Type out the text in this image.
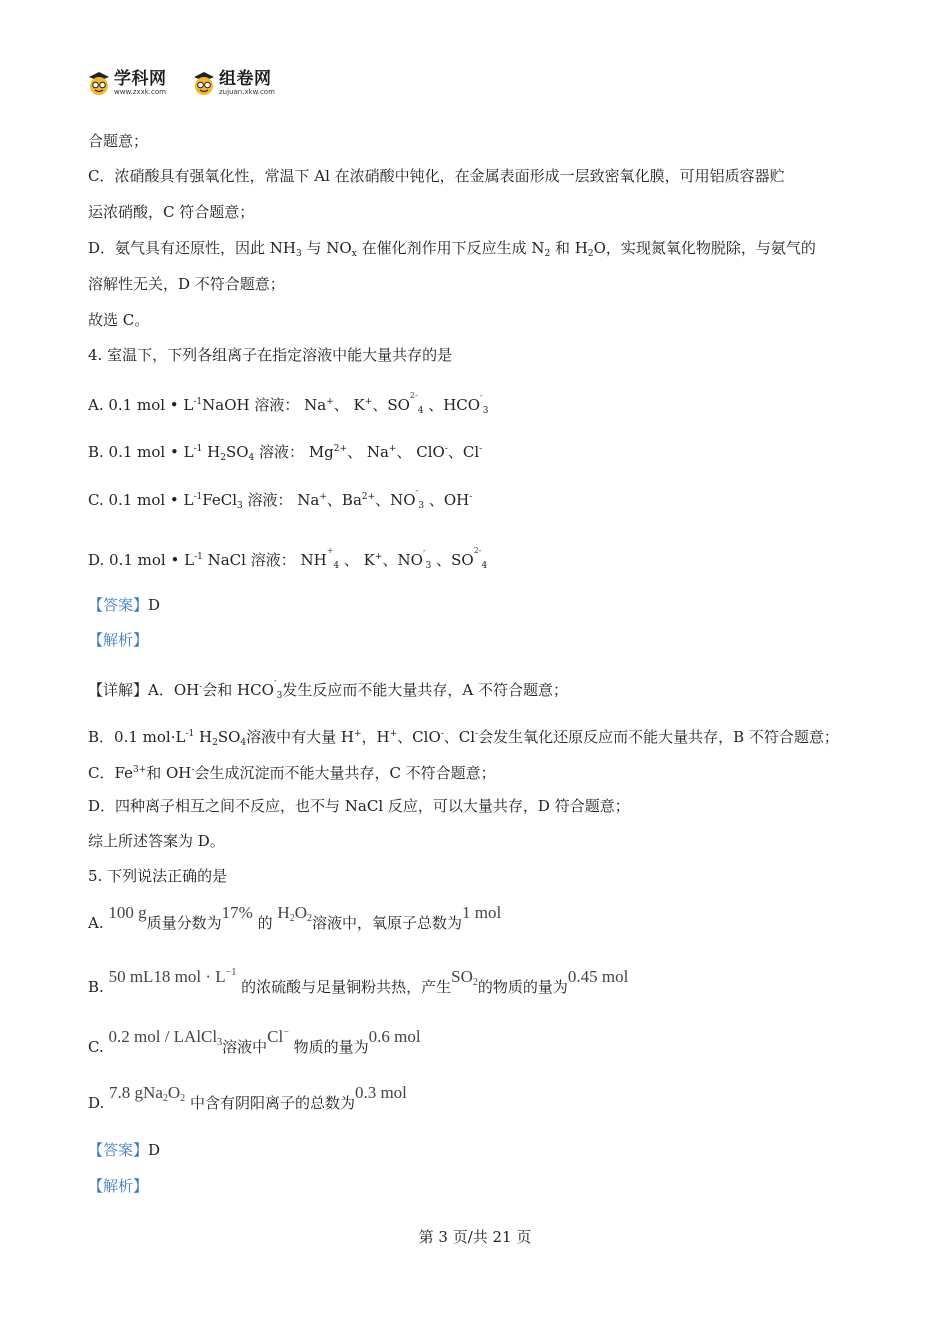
学科网
www.zxxk.com
组卷网
zujuan.xkw.com
合题意；
C．浓硝酸具有强氧化性，常温下 Al 在浓硝酸中钝化，在金属表面形成一层致密氧化膜，可用铝质容器贮
运浓硝酸，C 符合题意；
D．氨气具有还原性，因此 $NH_3$ 与 $NO_x$ 在催化剂作用下反应生成 $N_2$ 和 $H_2O$，实现氮氧化物脱除，与氨气的
溶解性无关，D 不符合题意；
故选 C。
4. 室温下，下列各组离子在指定溶液中能大量共存的是
A. 0.1 mol • $L^{-1}NaOH$ 溶液： Na+、 K+、$SO^{2-}_4$ 、$HCO^-_3$
B. 0.1 mol • $L^{-1}$ $H_2SO_4$ 溶液： $Mg^{2+}$、 Na+、 ClO-、Cl-
C. 0.1 mol • $L^{-1}FeCl_3$ 溶液： Na+、$Ba^{2+}$、$NO^-_3$ 、OH-
D. 0.1 mol • $L^{-1}$ NaCl 溶液： $NH^+_4$ 、 K+、$NO^-_3$ 、$SO^{2-}_4$
【答案】D
【解析】
【详解】A．OH-会和 $HCO^-_3$发生反应而不能大量共存，A 不符合题意；
B．0.1 $mol\cdot L^{-1}$ $H_2SO_4$溶液中有大量 H+，H+、ClO-、Cl-会发生氧化还原反应而不能大量共存，B 不符合题意；
C．$Fe^{3+}$和 OH-会生成沉淀而不能大量共存，C 不符合题意；
D．四种离子相互之间不反应，也不与 NaCl 反应，可以大量共存，D 符合题意；
综上所述答案为 D。
5. 下列说法正确的是
A. 100 g质量分数为17% 的 H2O2溶液中，氧原子总数为1 mol
B. 50 mL18 mol · $L^{-1}$ 的浓硫酸与足量铜粉共热，产生SO2的物质的量为0.45 mol
C. 0.2 mol / LAlCl3溶液中Cl− 物质的量为0.6 mol
D. 7.8 gNa2O2 中含有阴阳离子的总数为0.3 mol
【答案】D
【解析】
第 3 页/共 21 页
